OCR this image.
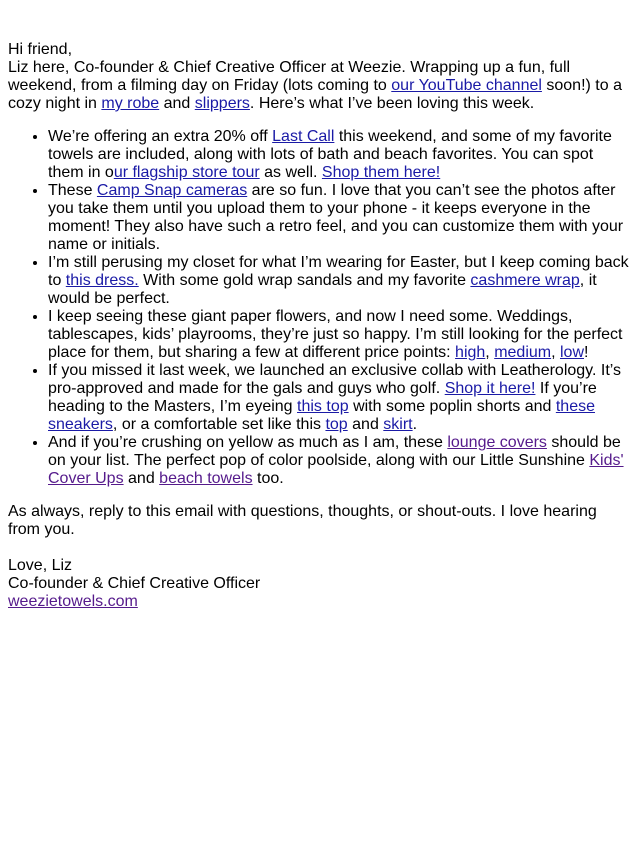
Hi friend,

Liz here, Co-founder & Chief Creative Officer at Weezie. Wrapping up a fun, full weekend, from a filming day on Friday (lots coming to our YouTube channel soon!) to a cozy night in my robe and slippers. Here’s what I’ve been loving this week.

• We’re offering an extra 20% off Last Call this weekend, and some of my favorite towels are included, along with lots of bath and beach favorites. You can spot them in our flagship store tour as well. Shop them here!
• These Camp Snap cameras are so fun. I love that you can’t see the photos after you take them until you upload them to your phone - it keeps everyone in the moment! They also have such a retro feel, and you can customize them with your name or initials.
• I’m still perusing my closet for what I’m wearing for Easter, but I keep coming back to this dress. With some gold wrap sandals and my favorite cashmere wrap, it would be perfect.
• I keep seeing these giant paper flowers, and now I need some. Weddings, tablescapes, kids’ playrooms, they’re just so happy. I’m still looking for the perfect place for them, but sharing a few at different price points: high, medium, low!
• If you missed it last week, we launched an exclusive collab with Leatherology. It’s pro-approved and made for the gals and guys who golf. Shop it here! If you’re heading to the Masters, I’m eyeing this top with some poplin shorts and these sneakers, or a comfortable set like this top and skirt.
• And if you’re crushing on yellow as much as I am, these lounge covers should be on your list. The perfect pop of color poolside, along with our Little Sunshine Kids' Cover Ups and beach towels too.

As always, reply to this email with questions, thoughts, or shout-outs. I love hearing from you.

Love, Liz

Co-founder & Chief Creative Officer

weezietowels.com
